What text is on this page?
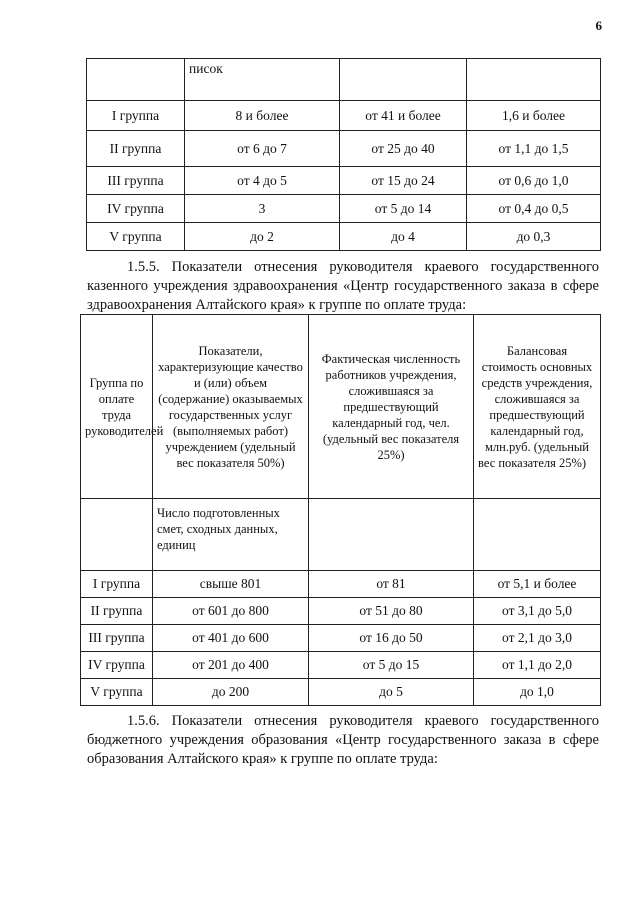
6
	писок		
I группа	8 и более	от 41 и более	1,6 и более
II группа	от 6 до 7	от 25 до 40	от 1,1 до 1,5
III группа	от 4 до 5	от 15 до 24	от 0,6 до 1,0
IV группа	3	от 5 до 14	от 0,4 до 0,5
V группа	до 2	до 4	до 0,3
1.5.5. Показатели отнесения руководителя краевого государственного казенного учреждения здравоохранения «Центр государственного заказа в сфере здравоохранения Алтайского края» к группе по оплате труда:
Группа по оплате труда руководителей	Показатели, характеризующие качество и (или) объем (содержание) оказываемых государственных услуг (выполняемых работ) учреждением (удельный вес показателя 50%)	Фактическая численность работников учреждения, сложившаяся за предшествующий календарный год, чел. (удельный вес показателя 25%)	Балансовая стоимость основных средств учреждения, сложившаяся за предшествующий календарный год, млн.руб. (удельный вес показателя 25%)
	Число подготовленных смет, сходных данных, единиц		
I группа	свыше 801	от 81	от 5,1 и более
II группа	от 601 до 800	от 51 до 80	от 3,1 до 5,0
III группа	от 401 до 600	от 16 до 50	от 2,1 до 3,0
IV группа	от 201 до 400	от 5 до 15	от 1,1 до 2,0
V группа	до 200	до 5	до 1,0
1.5.6. Показатели отнесения руководителя краевого государственного бюджетного учреждения образования «Центр государственного заказа в сфере образования Алтайского края» к группе по оплате труда:
